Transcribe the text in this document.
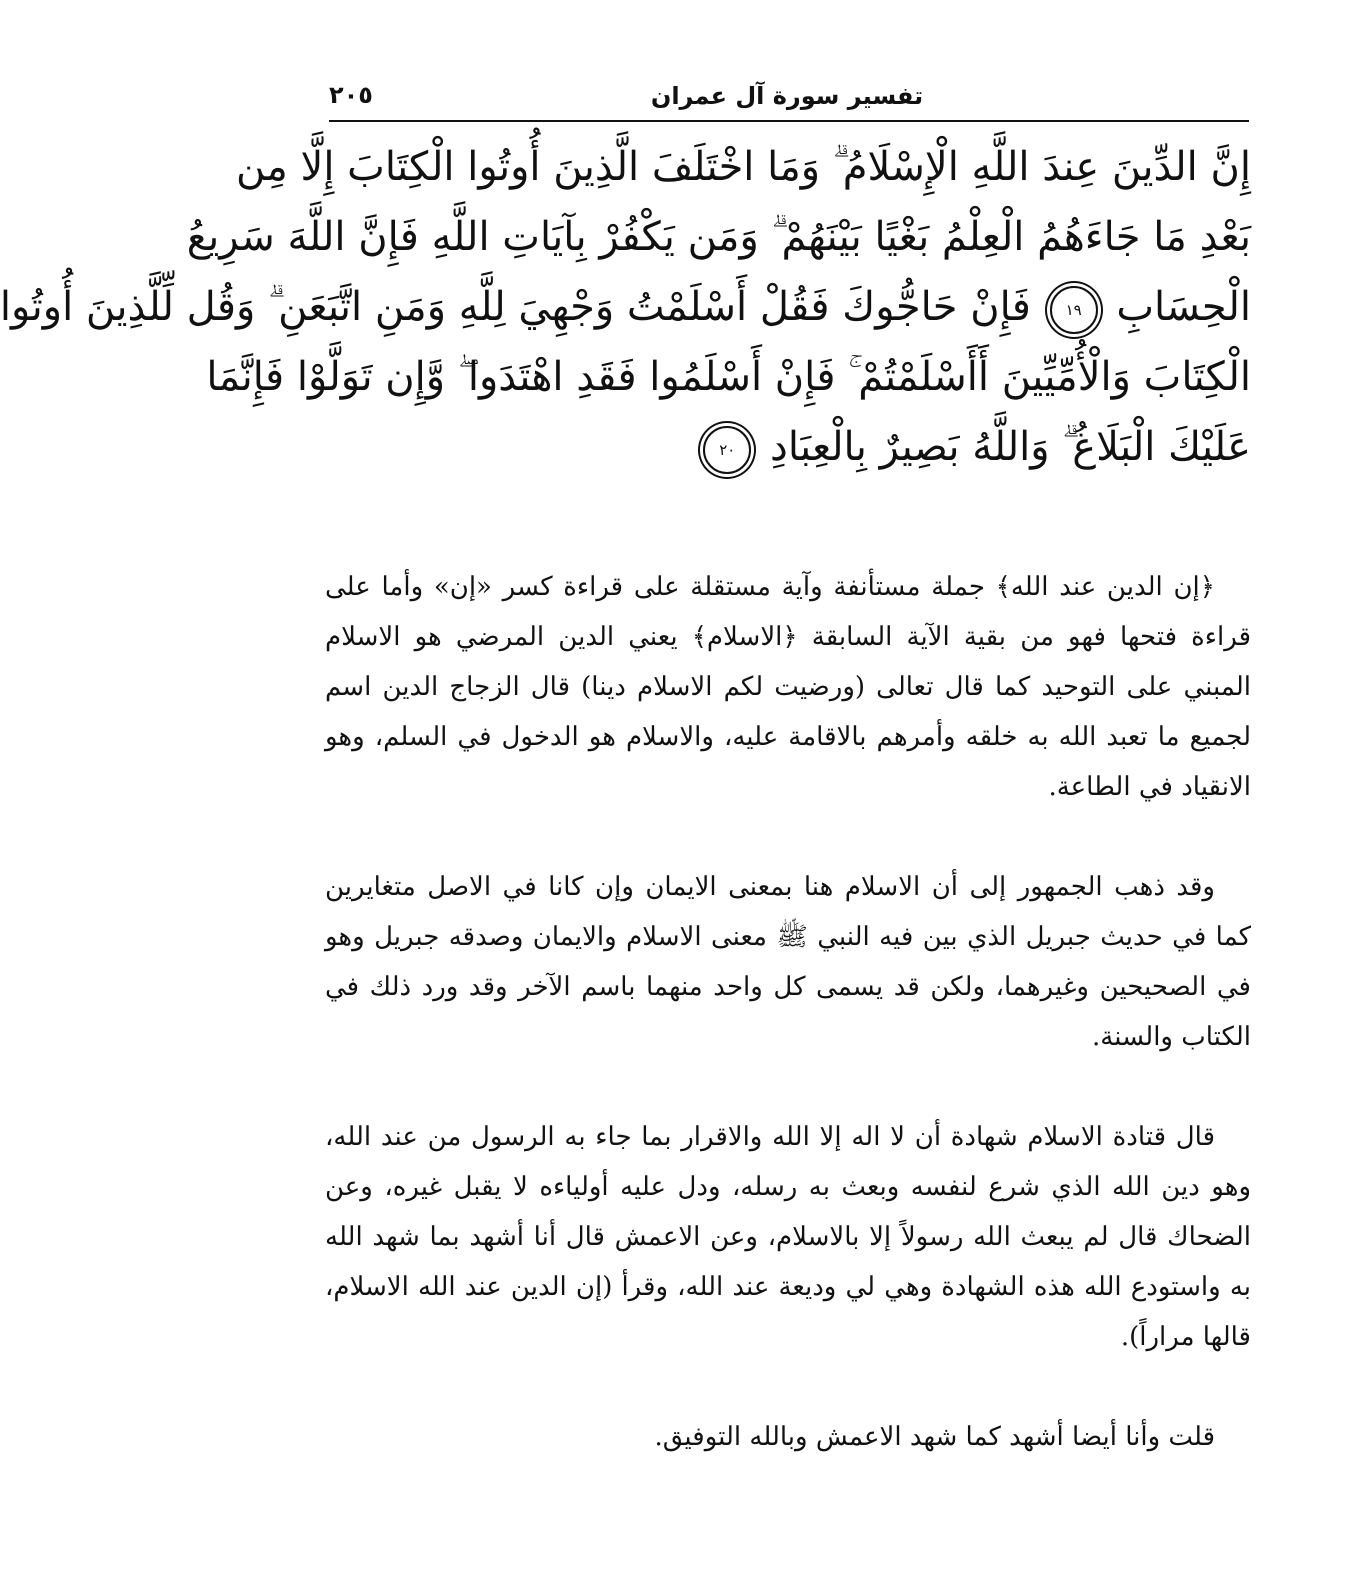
٢٠٥	تفسير سورة آل عمران
إِنَّ الدِّينَ عِندَ اللَّهِ الْإِسْلَامُ ۗ وَمَا اخْتَلَفَ الَّذِينَ أُوتُوا الْكِتَابَ إِلَّا مِن
بَعْدِ مَا جَاءَهُمُ الْعِلْمُ بَغْيًا بَيْنَهُمْ ۗ وَمَن يَكْفُرْ بِآيَاتِ اللَّهِ فَإِنَّ اللَّهَ سَرِيعُ
الْحِسَابِ ١٩ فَإِنْ حَاجُّوكَ فَقُلْ أَسْلَمْتُ وَجْهِيَ لِلَّهِ وَمَنِ اتَّبَعَنِ ۗ وَقُل لِّلَّذِينَ أُوتُوا
الْكِتَابَ وَالْأُمِّيِّينَ أَأَسْلَمْتُمْ ۚ فَإِنْ أَسْلَمُوا فَقَدِ اهْتَدَوا ۖ وَّإِن تَوَلَّوْا فَإِنَّمَا
عَلَيْكَ الْبَلَاغُ ۗ وَاللَّهُ بَصِيرٌ بِالْعِبَادِ ٢٠

﴿إن الدين عند الله﴾ جملة مستأنفة وآية مستقلة على قراءة كسر «إن» وأما على قراءة فتحها فهو من بقية الآية السابقة ﴿الاسلام﴾ يعني الدين المرضي هو الاسلام المبني على التوحيد كما قال تعالى (ورضيت لكم الاسلام دينا) قال الزجاج الدين اسم لجميع ما تعبد الله به خلقه وأمرهم بالاقامة عليه، والاسلام هو الدخول في السلم، وهو الانقياد في الطاعة.

وقد ذهب الجمهور إلى أن الاسلام هنا بمعنى الايمان وإن كانا في الاصل متغايرين كما في حديث جبريل الذي بين فيه النبي ﷺ معنى الاسلام والايمان وصدقه جبريل وهو في الصحيحين وغيرهما، ولكن قد يسمى كل واحد منهما باسم الآخر وقد ورد ذلك في الكتاب والسنة.

قال قتادة الاسلام شهادة أن لا اله إلا الله والاقرار بما جاء به الرسول من عند الله، وهو دين الله الذي شرع لنفسه وبعث به رسله، ودل عليه أولياءه لا يقبل غيره، وعن الضحاك قال لم يبعث الله رسولاً إلا بالاسلام، وعن الاعمش قال أنا أشهد بما شهد الله به واستودع الله هذه الشهادة وهي لي وديعة عند الله، وقرأ (إن الدين عند الله الاسلام، قالها مراراً).

قلت وأنا أيضا أشهد كما شهد الاعمش وبالله التوفيق.
